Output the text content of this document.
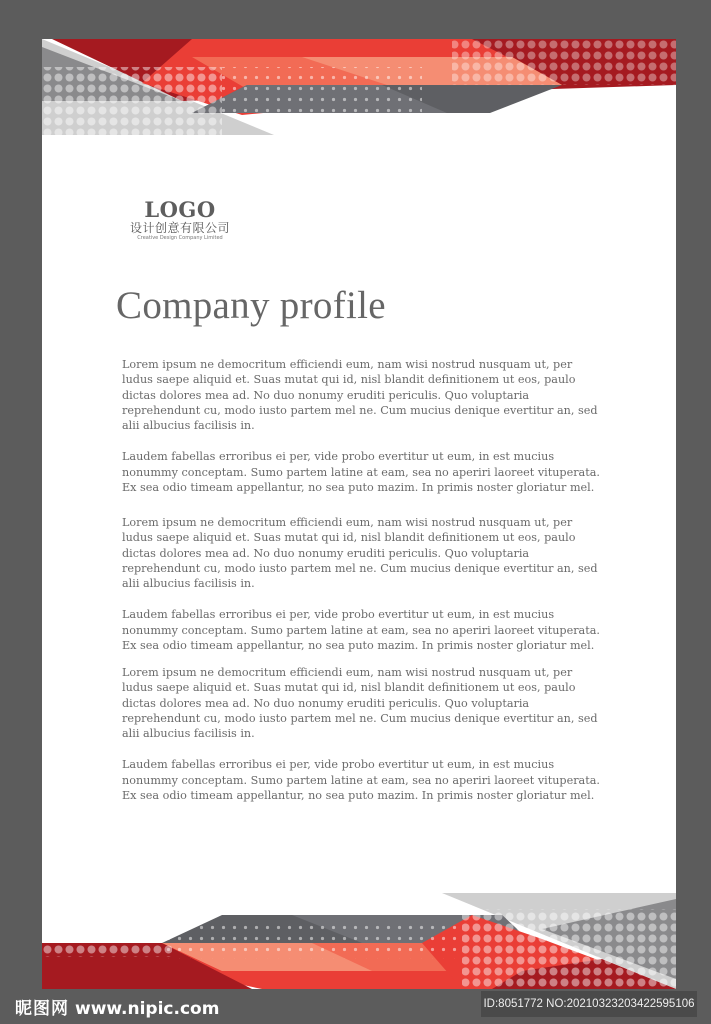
LOGO
设计创意有限公司
Creative Design Company Limited
Company profile

Lorem ipsum ne democritum efficiendi eum, nam wisi nostrud nusquam ut, per ludus saepe aliquid et. Suas mutat qui id, nisl blandit definitionem ut eos, paulo dictas dolores mea ad. No duo nonumy eruditi periculis. Quo voluptaria reprehendunt cu, modo iusto partem mel ne. Cum mucius denique evertitur an, sed alii albucius facilisis in.

Laudem fabellas erroribus ei per, vide probo evertitur ut eum, in est mucius nonummy conceptam. Sumo partem latine at eam, sea no aperiri laoreet vituperata. Ex sea odio timeam appellantur, no sea puto mazim. In primis noster gloriatur mel.

Lorem ipsum ne democritum efficiendi eum, nam wisi nostrud nusquam ut, per ludus saepe aliquid et. Suas mutat qui id, nisl blandit definitionem ut eos, paulo dictas dolores mea ad. No duo nonumy eruditi periculis. Quo voluptaria reprehendunt cu, modo iusto partem mel ne. Cum mucius denique evertitur an, sed alii albucius facilisis in.

Laudem fabellas erroribus ei per, vide probo evertitur ut eum, in est mucius nonummy conceptam. Sumo partem latine at eam, sea no aperiri laoreet vituperata. Ex sea odio timeam appellantur, no sea puto mazim. In primis noster gloriatur mel.

Lorem ipsum ne democritum efficiendi eum, nam wisi nostrud nusquam ut, per ludus saepe aliquid et. Suas mutat qui id, nisl blandit definitionem ut eos, paulo dictas dolores mea ad. No duo nonumy eruditi periculis. Quo voluptaria reprehendunt cu, modo iusto partem mel ne. Cum mucius denique evertitur an, sed alii albucius facilisis in.

Laudem fabellas erroribus ei per, vide probo evertitur ut eum, in est mucius nonummy conceptam. Sumo partem latine at eam, sea no aperiri laoreet vituperata. Ex sea odio timeam appellantur, no sea puto mazim. In primis noster gloriatur mel.

昵图网 www.nipic.com	ID:8051772 NO:20210323203422595106
